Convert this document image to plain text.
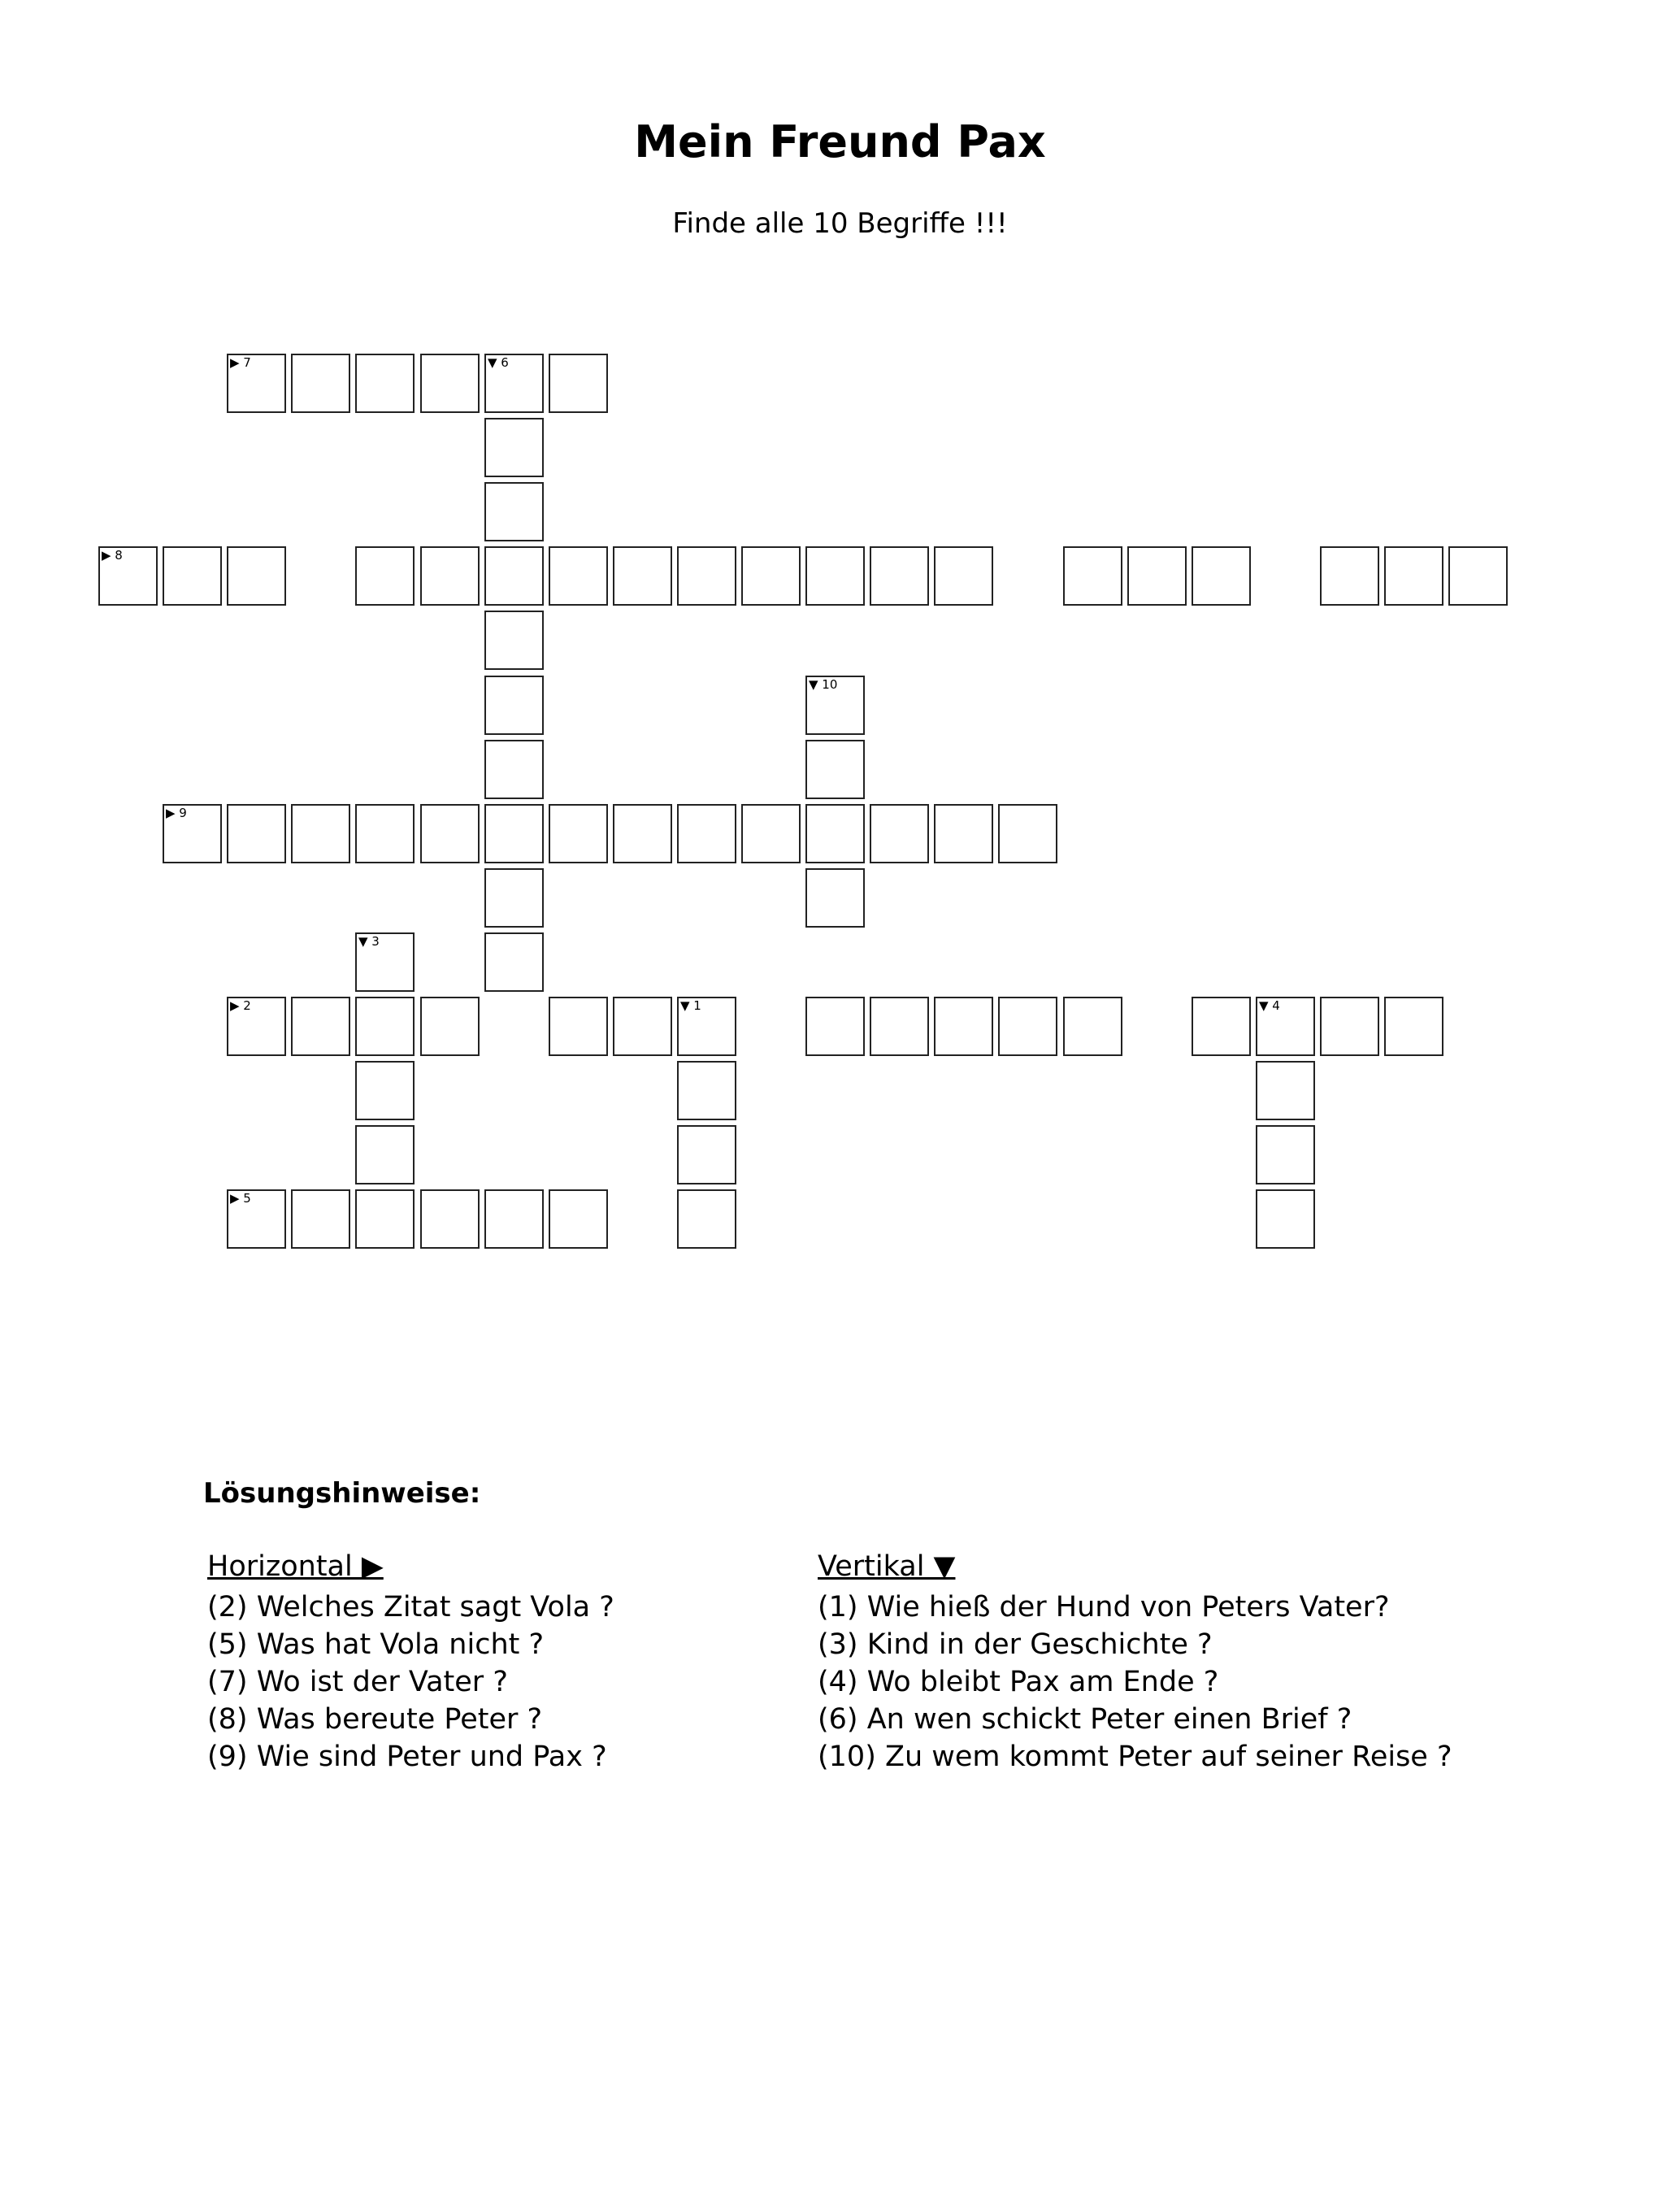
Mein Freund Pax
Finde alle 10 Begriffe !!!
▶ 7	▼ 6
▶ 8
▼ 10
▶ 9
▼ 3
▶ 2	▼ 1	▼ 4
▶ 5
Lösungshinweise:
Horizontal ▶
(2) Welches Zitat sagt Vola ?
(5) Was hat Vola nicht ?
(7) Wo ist der Vater ?
(8) Was bereute Peter ?
(9) Wie sind Peter und Pax ?
Vertikal ▼
(1) Wie hieß der Hund von Peters Vater?
(3) Kind in der Geschichte ?
(4) Wo bleibt Pax am Ende ?
(6) An wen schickt Peter einen Brief ?
(10) Zu wem kommt Peter auf seiner Reise ?
